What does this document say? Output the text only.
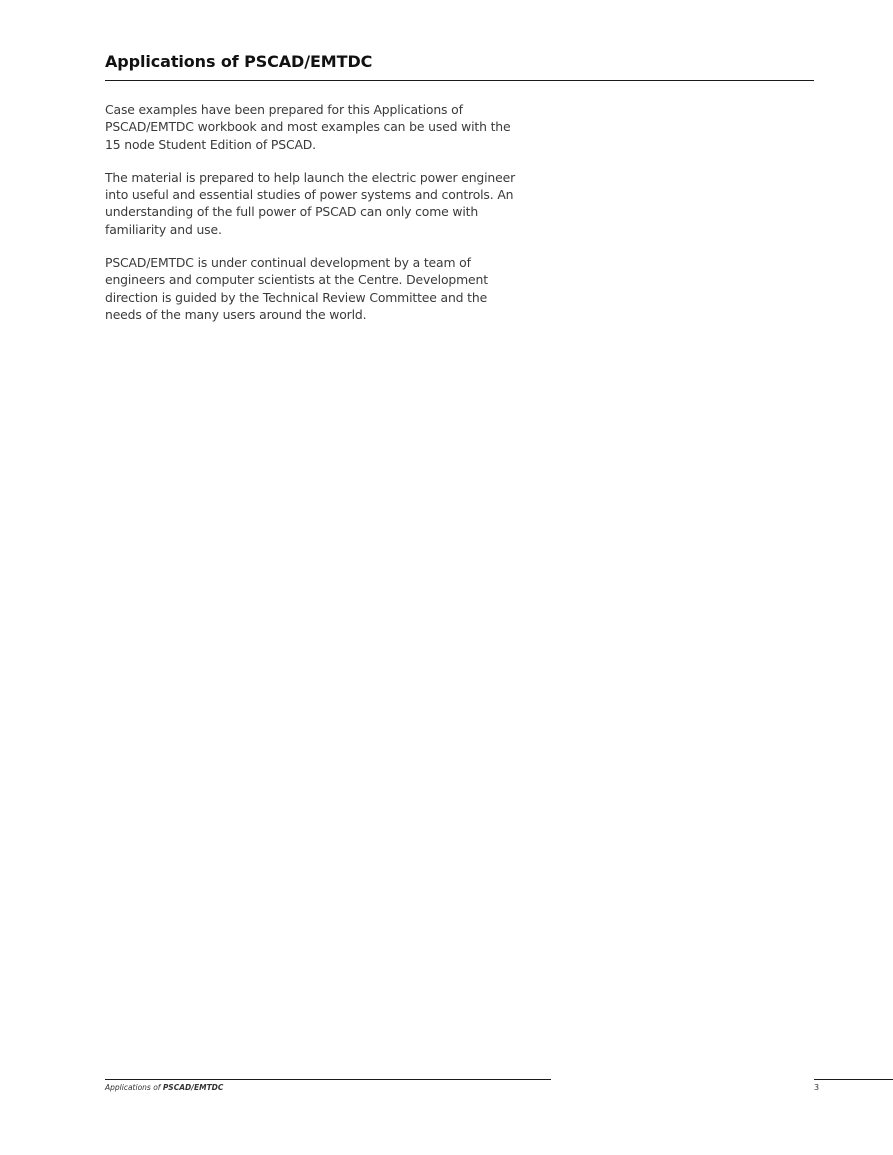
Applications of PSCAD/EMTDC

Case examples have been prepared for this Applications of PSCAD/EMTDC workbook and most examples can be used with the 15 node Student Edition of PSCAD.

The material is prepared to help launch the electric power engineer into useful and essential studies of power systems and controls. An understanding of the full power of PSCAD can only come with familiarity and use.

PSCAD/EMTDC is under continual development by a team of engineers and computer scientists at the Centre. Development direction is guided by the Technical Review Committee and the needs of the many users around the world.

Applications of PSCAD/EMTDC	3
